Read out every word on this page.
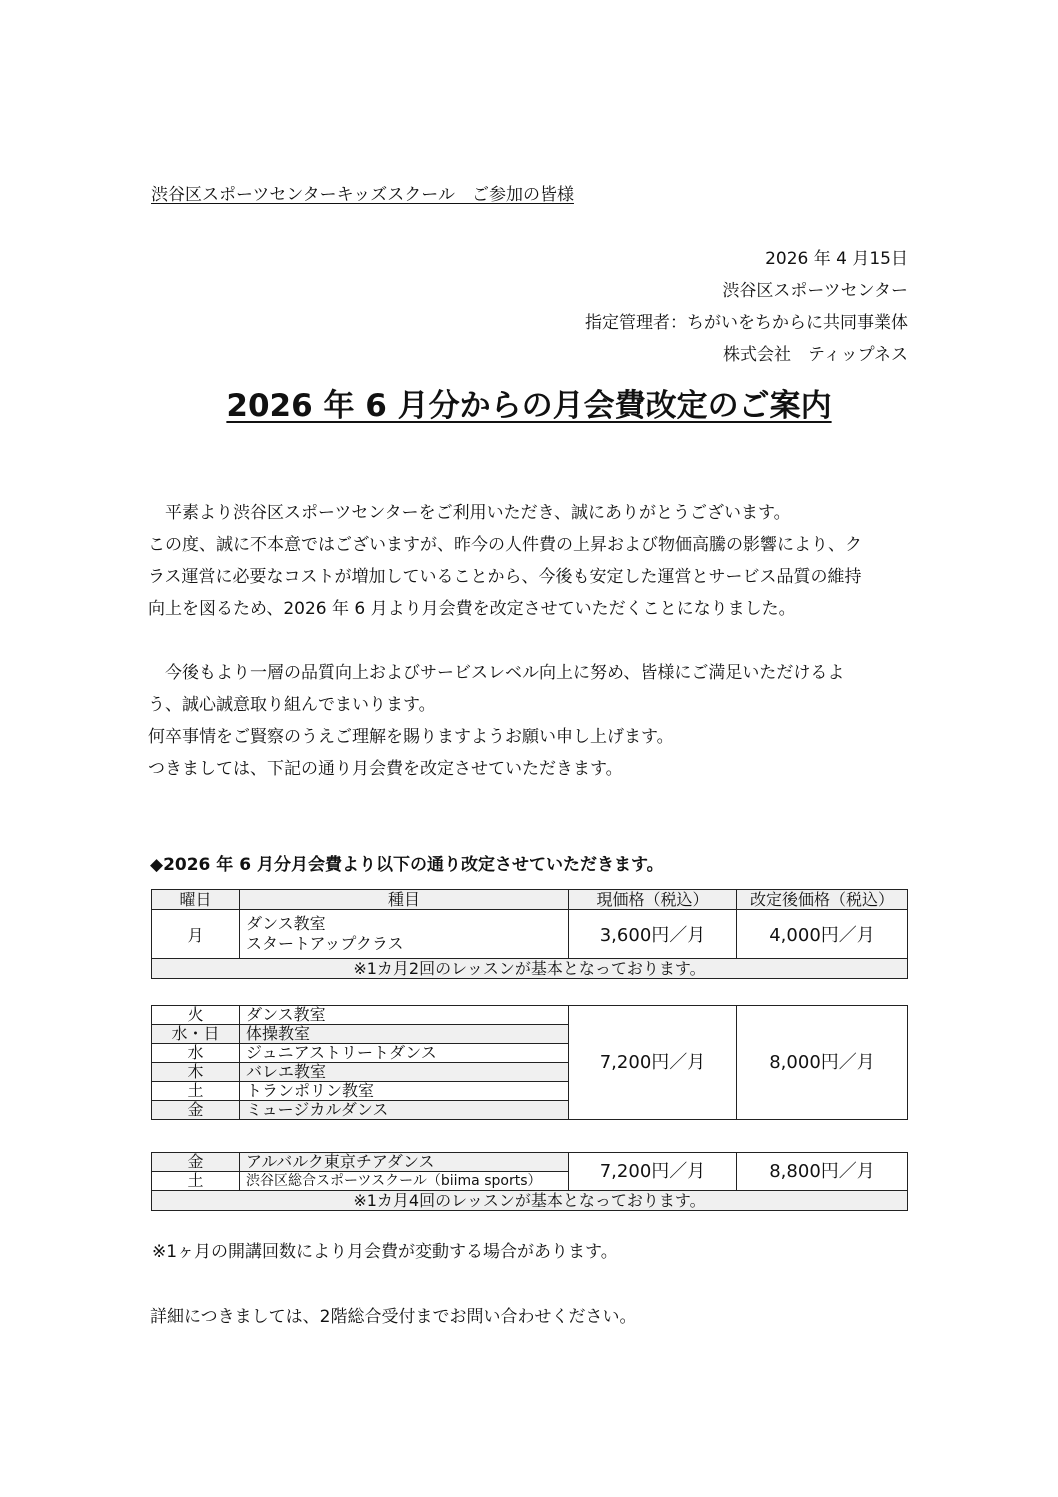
渋谷区スポーツセンターキッズスクール　ご参加の皆様
2026 年 4 月15日
渋谷区スポーツセンター
指定管理者：ちがいをちからに共同事業体
株式会社　ティップネス
2026 年 6 月分からの月会費改定のご案内
　平素より渋谷区スポーツセンターをご利用いただき、誠にありがとうございます。
この度、誠に不本意ではございますが、昨今の人件費の上昇および物価高騰の影響により、ク
ラス運営に必要なコストが増加していることから、今後も安定した運営とサービス品質の維持
向上を図るため、2026 年 6 月より月会費を改定させていただくことになりました。
　今後もより一層の品質向上およびサービスレベル向上に努め、皆様にご満足いただけるよ
う、誠心誠意取り組んでまいります。
何卒事情をご賢察のうえご理解を賜りますようお願い申し上げます。
つきましては、下記の通り月会費を改定させていただきます。
◆2026 年 6 月分月会費より以下の通り改定させていただきます。
曜日	種目	現価格（税込）	改定後価格（税込）
月	ダンス教室
スタートアップクラス	3,600円／月	4,000円／月
※1カ月2回のレッスンが基本となっております。			
火	ダンス教室	7,200円／月	8,000円／月
水・日	体操教室		
水	ジュニアストリートダンス		
木	バレエ教室		
土	トランポリン教室		
金	ミュージカルダンス		
金	アルバルク東京チアダンス	7,200円／月	8,800円／月
土	渋谷区総合スポーツスクール（biima sports）		
※1カ月4回のレッスンが基本となっております。			
※1ヶ月の開講回数により月会費が変動する場合があります。
詳細につきましては、2階総合受付までお問い合わせください。
